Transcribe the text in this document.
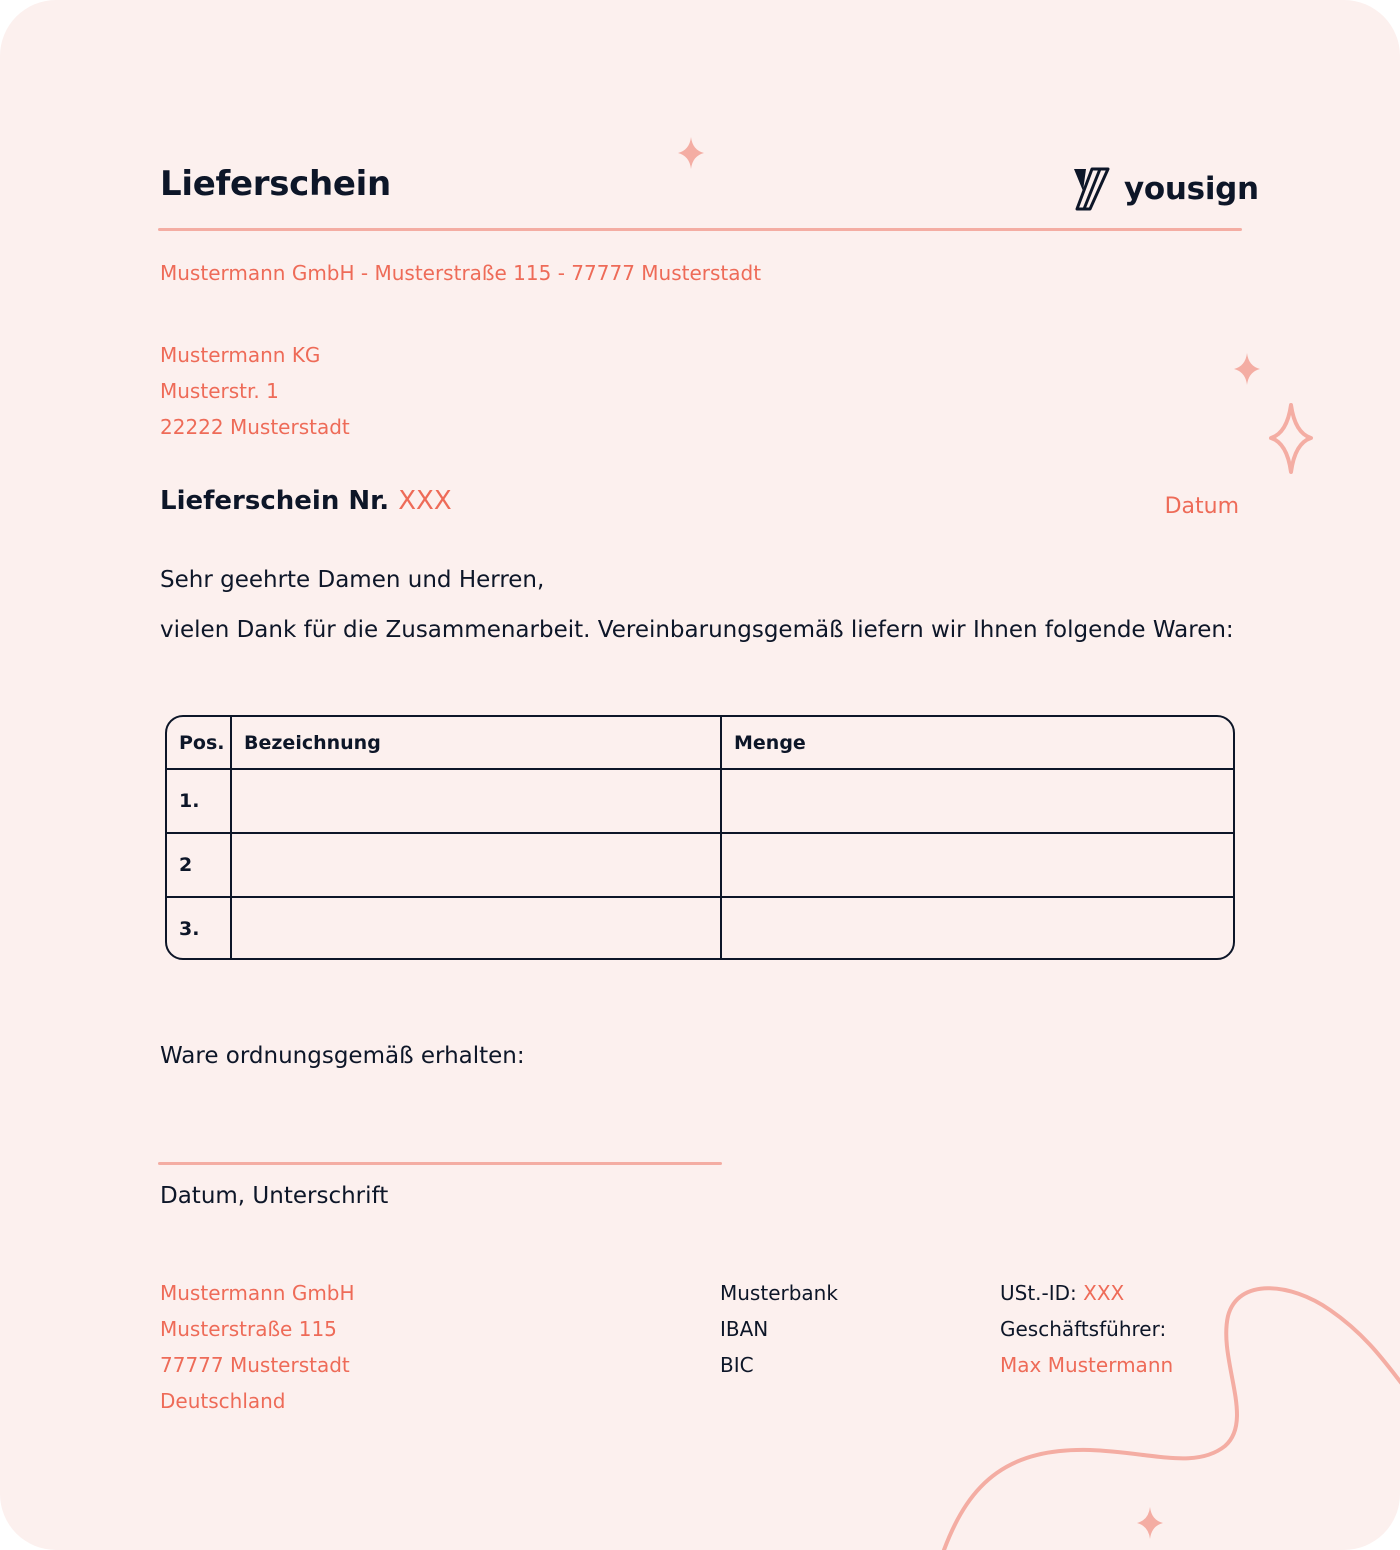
Lieferschein	yousign
Mustermann GmbH - Musterstraße 115 - 77777 Musterstadt
Mustermann KG
Musterstr. 1
22222 Musterstadt
Lieferschein Nr. XXX	Datum
Sehr geehrte Damen und Herren,
vielen Dank für die Zusammenarbeit. Vereinbarungsgemäß liefern wir Ihnen folgende Waren:
Pos.	Bezeichnung	Menge
1.		
2		
3.		
Ware ordnungsgemäß erhalten:
Datum, Unterschrift
Mustermann GmbH
Musterstraße 115
77777 Musterstadt
Deutschland
Musterbank
IBAN
BIC
USt.-ID: XXX
Geschäftsführer:
Max Mustermann
